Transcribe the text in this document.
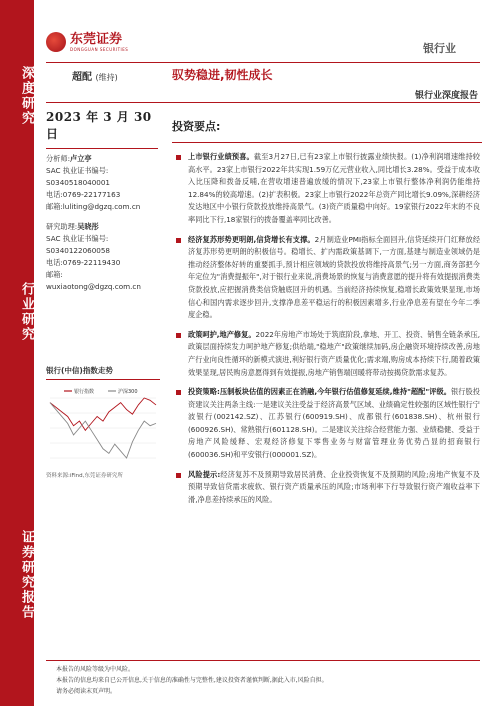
深度研究
行业研究
证券研究报告
东莞证券
DONGGUAN SECURITIES	银行业
超配 (维持)	驭势稳进,韧性成长
银行业深度报告
2023 年 3 月 30 日
分析师:卢立亭
SAC 执业证书编号:
S0340518040001
电话:0769-22177163
邮箱:luliting@dgzq.com.cn
研究助理:吴晓彤
SAC 执业证书编号:
S0340122060058
电话:0769-22119430
邮箱:
wuxiaotong@dgzq.com.cn
银行(中信)指数走势
银行指数	沪深300
资料来源:iFind,东莞证券研究所
投资要点:
上市银行业绩预喜。截至3月27日,已有23家上市银行披露业绩快报。(1)净利润增速维持较高水平。23家上市银行2022年共实现1.59万亿元营业收入,同比增长3.28%。受益于成本收入比压降和拨备反哺,在营收增速普遍放缓的情况下,23家上市银行整体净利润仍能维持12.84%的较高增速。(2)扩表积极。23家上市银行2022年总资产同比增长9.09%,深耕经济发达地区中小银行贷款投放维持高景气。(3)资产质量稳中向好。19家银行2022年末的不良率同比下行,18家银行的拨备覆盖率同比改善。
经济复苏形势更明朗,信贷增长有支撑。2月制造业PMI指标全面回升,信贷延续开门红释放经济复苏形势更明朗的积极信号。稳增长、扩内需政策基调下,一方面,基建与制造业领域仍是推动经济整体好转的重要抓手,预计相应领域的贷款投放将维持高景气;另一方面,商务部把今年定位为"消费提振年",对于银行业来说,消费场景的恢复与消费意愿的提升将有效提振消费类贷款投放,应把握消费类信贷触底回升的机遇。当前经济持续恢复,稳增长政策效果显现,市场信心和国内需求逐步回升,支撑净息差平稳运行的积极因素增多,行业净息差有望在今年二季度企稳。
政策呵护,地产修复。2022年房地产市场处于筑底阶段,拿地、开工、投资、销售全链条承压,政策层面持续发力呵护地产修复;供给端,"稳地产"政策继续加码,房企融资环境持续改善,房地产行业向良性循环的新模式演进,利好银行资产质量优化;需求端,购房成本持续下行,随着政策效果显现,居民购房意愿得到有效提振,房地产销售端回暖将带动按揭贷款需求复苏。
投资策略:压制板块估值的因素正在消融,今年银行估值修复延续,维持"超配"评级。银行股投资建议关注两条主线:一是建议关注受益于经济高景气区域、业绩确定性较强的区域性银行宁波银行(002142.SZ)、江苏银行(600919.SH)、成都银行(601838.SH)、杭州银行(600926.SH)、常熟银行(601128.SH)。二是建议关注综合经营能力强、业绩稳健、受益于房地产风险缓释、宏观经济修复下零售业务与财富管理业务优势凸显的招商银行(600036.SH)和平安银行(000001.SZ)。
风险提示:经济复苏不及预期导致居民消费、企业投资恢复不及预期的风险;房地产恢复不及预期导致信贷需求疲软、银行资产质量承压的风险;市场利率下行导致银行资产端收益率下滑,净息差持续承压的风险。
本报告的风险等级为中风险。
本报告的信息均来自已公开信息,关于信息的准确性与完整性,建议投资者谨慎判断,据此入市,风险自担。
请务必阅读末页声明。
